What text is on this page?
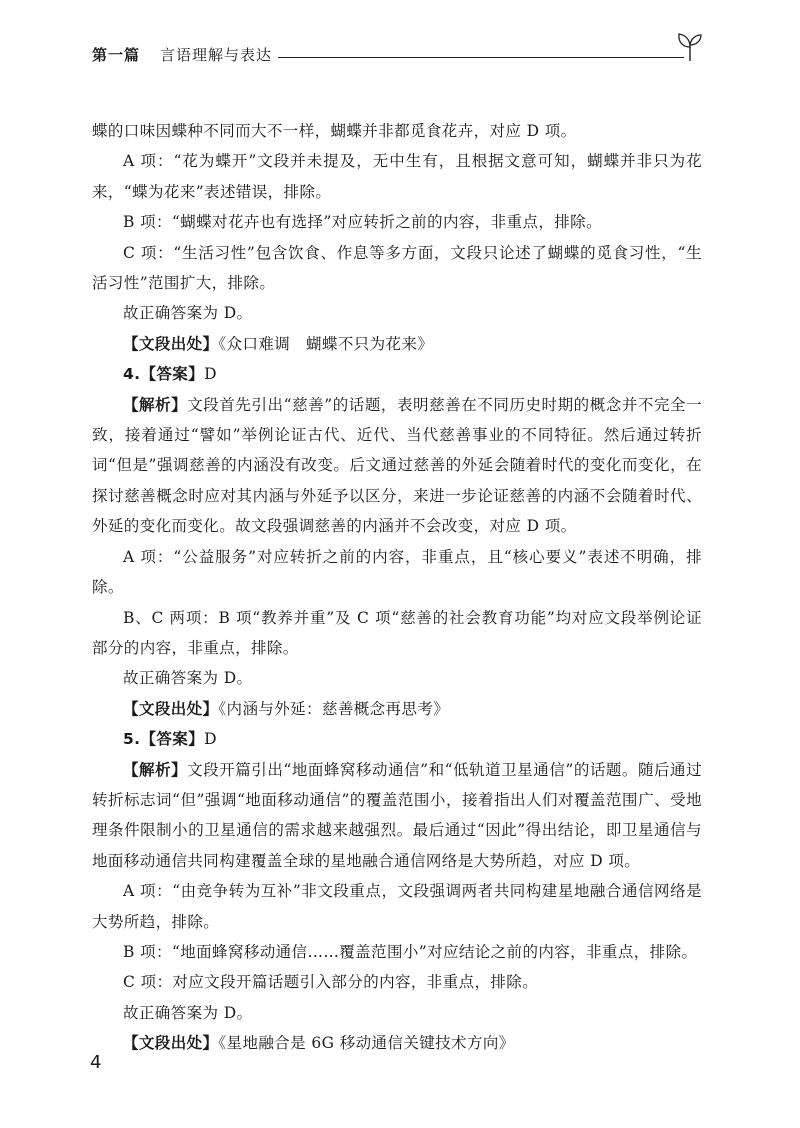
第一篇 言语理解与表达

蝶的口味因蝶种不同而大不一样，蝴蝶并非都觅食花卉，对应 D 项。

A 项：“花为蝶开”文段并未提及，无中生有，且根据文意可知，蝴蝶并非只为花来，“蝶为花来”表述错误，排除。

B 项：“蝴蝶对花卉也有选择”对应转折之前的内容，非重点，排除。

C 项：“生活习性”包含饮食、作息等多方面，文段只论述了蝴蝶的觅食习性，“生活习性”范围扩大，排除。

故正确答案为 D。

【文段出处】《众口难调　蝴蝶不只为花来》

4.【答案】D

【解析】文段首先引出“慈善”的话题，表明慈善在不同历史时期的概念并不完全一致，接着通过“譬如”举例论证古代、近代、当代慈善事业的不同特征。然后通过转折词“但是”强调慈善的内涵没有改变。后文通过慈善的外延会随着时代的变化而变化，在探讨慈善概念时应对其内涵与外延予以区分，来进一步论证慈善的内涵不会随着时代、外延的变化而变化。故文段强调慈善的内涵并不会改变，对应 D 项。

A 项：“公益服务”对应转折之前的内容，非重点，且“核心要义”表述不明确，排除。

B、C 两项：B 项“教养并重”及 C 项“慈善的社会教育功能”均对应文段举例论证部分的内容，非重点，排除。

故正确答案为 D。

【文段出处】《内涵与外延：慈善概念再思考》

5.【答案】D

【解析】文段开篇引出“地面蜂窝移动通信”和“低轨道卫星通信”的话题。随后通过转折标志词“但”强调“地面移动通信”的覆盖范围小，接着指出人们对覆盖范围广、受地理条件限制小的卫星通信的需求越来越强烈。最后通过“因此”得出结论，即卫星通信与地面移动通信共同构建覆盖全球的星地融合通信网络是大势所趋，对应 D 项。

A 项：“由竞争转为互补”非文段重点，文段强调两者共同构建星地融合通信网络是大势所趋，排除。

B 项：“地面蜂窝移动通信……覆盖范围小”对应结论之前的内容，非重点，排除。

C 项：对应文段开篇话题引入部分的内容，非重点，排除。

故正确答案为 D。

【文段出处】《星地融合是 6G 移动通信关键技术方向》

4
